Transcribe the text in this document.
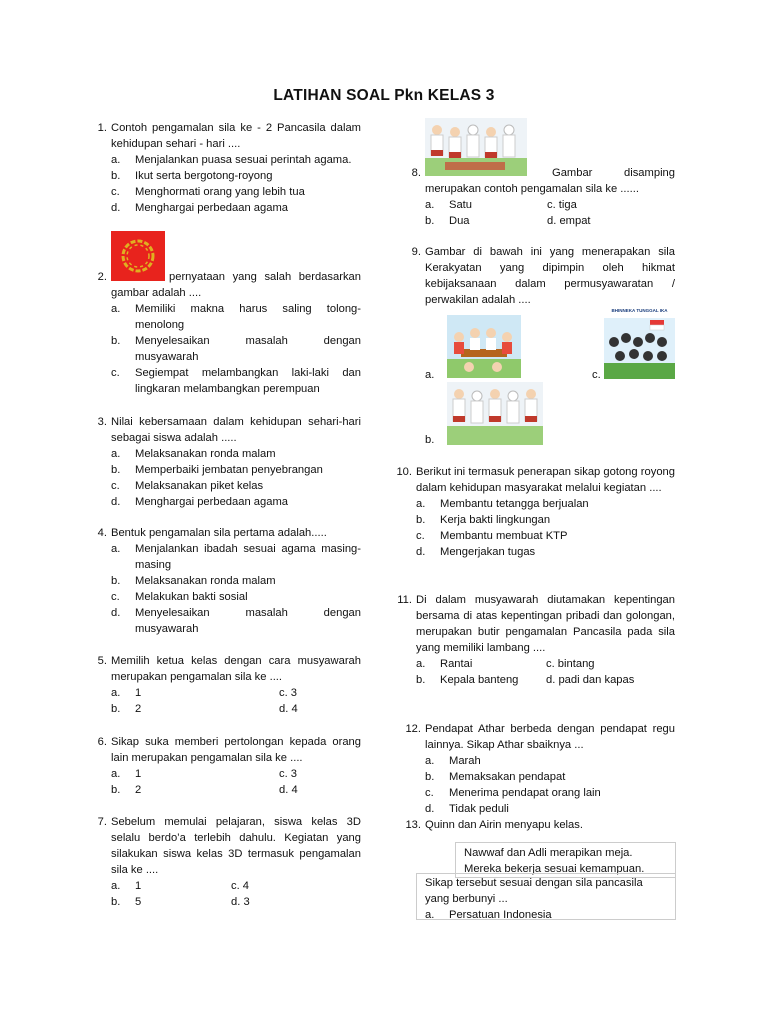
LATIHAN SOAL Pkn KELAS 3
1. Contoh pengamalan sila ke - 2 Pancasila dalam kehidupan sehari - hari ....
a. Menjalankan puasa sesuai perintah agama.
b. Ikut serta bergotong-royong
c. Menghormati orang yang lebih tua
d. Menghargai perbedaan agama
2.	pernyataan yang salah berdasarkan gambar adalah ....
a. Memiliki makna harus saling tolong-menolong
b. Menyelesaikan masalah dengan musyawarah
c. Segiempat melambangkan laki-laki dan lingkaran melambangkan perempuan
3. Nilai kebersamaan dalam kehidupan sehari-hari sebagai siswa adalah .....
a. Melaksanakan ronda malam
b. Memperbaiki jembatan penyebrangan
c. Melaksanakan piket kelas
d. Menghargai perbedaan agama
4. Bentuk pengamalan sila pertama adalah.....
a. Menjalankan ibadah sesuai agama masing-masing
b. Melaksanakan ronda malam
c. Melakukan bakti sosial
d. Menyelesaikan masalah dengan musyawarah
5. Memilih ketua kelas dengan cara musyawarah merupakan pengamalan sila ke ....
a. 1	c. 3
b. 2	d. 4
6. Sikap suka memberi pertolongan kepada orang lain merupakan pengamalan sila ke ....
a. 1	c. 3
b. 2	d. 4
7. Sebelum memulai pelajaran, siswa kelas 3D selalu berdo’a terlebih dahulu. Kegiatan yang silakukan siswa kelas 3D termasuk pengamalan sila ke ....
a. 1	c. 4
b. 5	d. 3
8.	Gambar	disamping
merupakan contoh pengamalan sila ke ......
a. Satu	c. tiga
b. Dua	d. empat
9. Gambar di bawah ini yang menerapakan sila Kerakyatan yang dipimpin oleh hikmat kebijaksanaan dalam permusyawaratan / perwakilan adalah ....
a.	c.
BHINNEKA TUNGGAL IKA
b.
10. Berikut ini termasuk penerapan sikap gotong royong dalam kehidupan masyarakat melalui kegiatan ....
a. Membantu tetangga berjualan
b. Kerja bakti lingkungan
c. Membantu membuat KTP
d. Mengerjakan tugas
11. Di dalam musyawarah diutamakan kepentingan bersama di atas kepentingan pribadi dan golongan, merupakan butir pengamalan Pancasila pada sila yang memiliki lambang ....
a. Rantai	c. bintang
b. Kepala banteng	d. padi dan kapas
12. Pendapat Athar berbeda dengan pendapat regu lainnya. Sikap Athar sbaiknya ...
a. Marah
b. Memaksakan pendapat
c. Menerima pendapat orang lain
d. Tidak peduli
13. Quinn dan Airin menyapu kelas.
Nawwaf dan Adli merapikan meja.
Mereka bekerja sesuai kemampuan.
Sikap tersebut sesuai dengan sila pancasila yang berbunyi ...
a. Persatuan Indonesia
